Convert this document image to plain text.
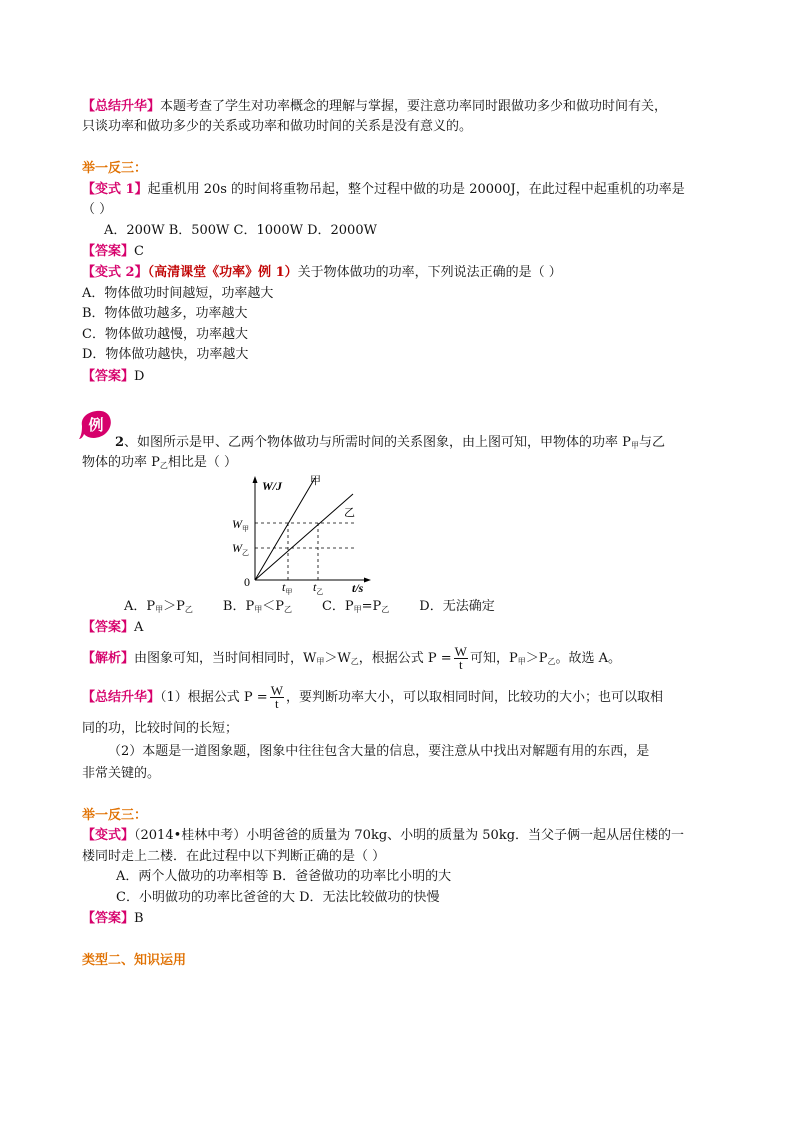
【总结升华】本题考查了学生对功率概念的理解与掌握，要注意功率同时跟做功多少和做功时间有关，
只谈功率和做功多少的关系或功率和做功时间的关系是没有意义的。
举一反三：
【变式 1】起重机用 20s 的时间将重物吊起，整个过程中做的功是 20000J，在此过程中起重机的功率是
（ ）
A．200W B．500W C．1000W D．2000W
【答案】C
【变式 2】（高清课堂《功率》例 1）关于物体做功的功率，下列说法正确的是（ ）
A．物体做功时间越短，功率越大
B．物体做功越多，功率越大
C．物体做功越慢，功率越大
D．物体做功越快，功率越大
【答案】D
例
2、如图所示是甲、乙两个物体做功与所需时间的关系图象，由上图可知，甲物体的功率 $P_甲$与乙
物体的功率 $P_乙$相比是（ ）
W/J
t/s
0
甲
乙
$W_甲$
$W_乙$
$t_甲$ $t_乙$
A．$P_甲>P_乙$ B．$P_甲<P_乙$ C．$P_甲=P_乙$ D．无法确定
【答案】A
【解析】由图象可知，当时间相同时，$W_甲>W_乙$，根据公式 $P = \frac{W}{t}$ 可知，$P_甲>P_乙$。故选 A。
【总结升华】（1）根据公式 $P = \frac{W}{t}$ ，要判断功率大小，可以取相同时间，比较功的大小；也可以取相
同的功，比较时间的长短；
（2）本题是一道图象题，图象中往往包含大量的信息，要注意从中找出对解题有用的东西，是
非常关键的。
举一反三：
【变式】（2014•桂林中考）小明爸爸的质量为 70kg、小明的质量为 50kg．当父子俩一起从居住楼的一
楼同时走上二楼．在此过程中以下判断正确的是（ ）
A．两个人做功的功率相等 B．爸爸做功的功率比小明的大
C．小明做功的功率比爸爸的大 D．无法比较做功的快慢
【答案】B
类型二、知识运用
